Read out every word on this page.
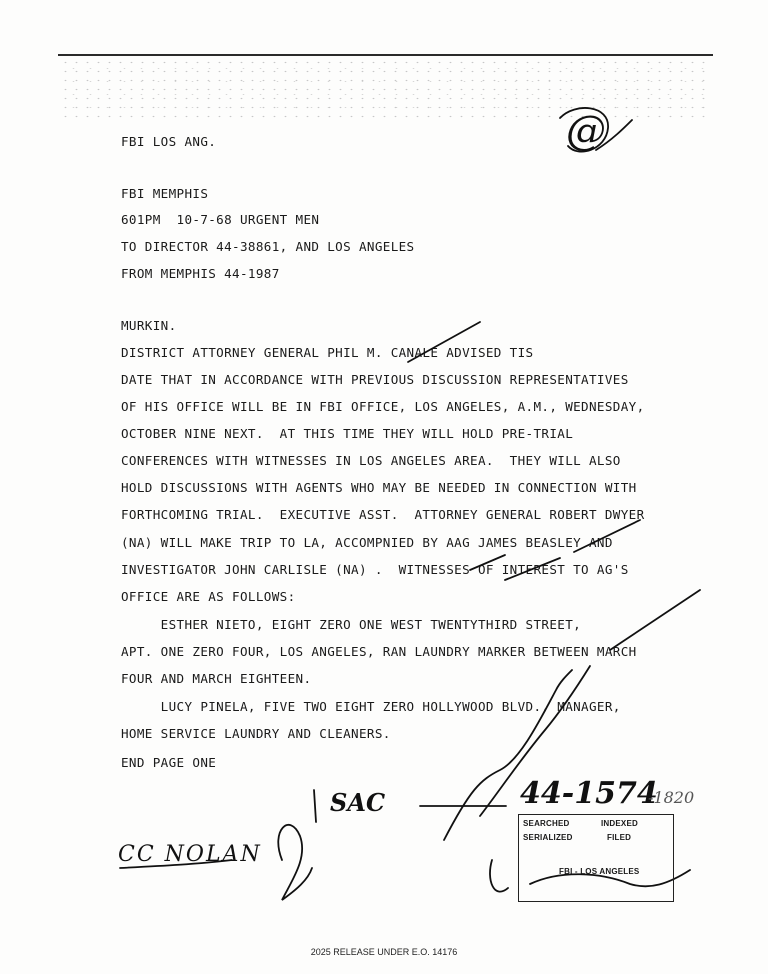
FBI LOS ANG.
FBI MEMPHIS
601PM  10-7-68 URGENT MEN
TO DIRECTOR 44-38861, AND LOS ANGELES
FROM MEMPHIS 44-1987
MURKIN.
DISTRICT ATTORNEY GENERAL PHIL M. CANALE ADVISED TIS
DATE THAT IN ACCORDANCE WITH PREVIOUS DISCUSSION REPRESENTATIVES
OF HIS OFFICE WILL BE IN FBI OFFICE, LOS ANGELES, A.M., WEDNESDAY,
OCTOBER NINE NEXT.  AT THIS TIME THEY WILL HOLD PRE-TRIAL
CONFERENCES WITH WITNESSES IN LOS ANGELES AREA.  THEY WILL ALSO
HOLD DISCUSSIONS WITH AGENTS WHO MAY BE NEEDED IN CONNECTION WITH
FORTHCOMING TRIAL.  EXECUTIVE ASST.  ATTORNEY GENERAL ROBERT DWYER
(NA) WILL MAKE TRIP TO LA, ACCOMPNIED BY AAG JAMES BEASLEY AND
INVESTIGATOR JOHN CARLISLE (NA) .  WITNESSES OF INTEREST TO AG'S
OFFICE ARE AS FOLLOWS:
ESTHER NIETO, EIGHT ZERO ONE WEST TWENTYTHIRD STREET,
APT. ONE ZERO FOUR, LOS ANGELES, RAN LAUNDRY MARKER BETWEEN MARCH
FOUR AND MARCH EIGHTEEN.
LUCY PINELA, FIVE TWO EIGHT ZERO HOLLYWOOD BLVD., MANAGER,
HOME SERVICE LAUNDRY AND CLEANERS.
END PAGE ONE
@
CC NOLAN
SAC	44-1574
-1820
SEARCHED	INDEXED
SERIALIZED	FILED
FBI - LOS ANGELES
2025 RELEASE UNDER E.O. 14176
